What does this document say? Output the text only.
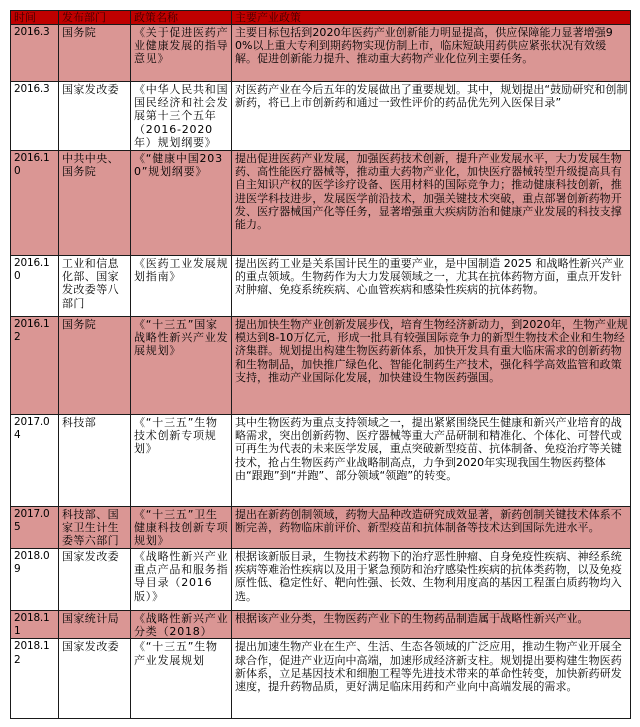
时间	发布部门	政策名称	主要产业政策
2016.3	国务院	《关于促进医药产业健康发展的指导意见》	主要目标包括到2020年医药产业创新能力明显提高，供应保障能力显著增强90%以上重大专利到期药物实现仿制上市，临床短缺用药供应紧张状况有效缓解。促进创新能力提升、推动重大药物产业化位列主要任务。
2016.3	国家发改委	《中华人民共和国国民经济和社会发展第十三个五年（2016-2020年）规划纲要》	对医药产业在今后五年的发展做出了重要规划。其中，规划提出“鼓励研究和创制新药，将已上市创新药和通过一致性评价的药品优先列入医保目录”
2016.10	中共中央、国务院	《“健康中国2030”规划纲要》	提出促进医药产业发展，加强医药技术创新，提升产业发展水平，大力发展生物药、高性能医疗器械等，推动重大药物产业化，加快医疗器械转型升级提高具有自主知识产权的医学诊疗设备、医用材料的国际竞争力；推动健康科技创新，推进医学科技进步，发展医学前沿技术，加强关键技术突破，重点部署创新药物开发、医疗器械国产化等任务，显著增强重大疾病防治和健康产业发展的科技支撑能力。
2016.10	工业和信息化部、国家发改委等八部门	《医药工业发展规划指南》	提出医药工业是关系国计民生的重要产业，是中国制造 2025 和战略性新兴产业的重点领域。生物药作为大力发展领域之一，尤其在抗体药物方面，重点开发针对肿瘤、免疫系统疾病、心血管疾病和感染性疾病的抗体药物。
2016.12	国务院	《“十三五”国家战略性新兴产业发展规划》	提出加快生物产业创新发展步伐，培育生物经济新动力，到2020年，生物产业规模达到8-10万亿元，形成一批具有较强国际竞争力的新型生物技术企业和生物经济集群。规划提出构建生物医药新体系，加快开发具有重大临床需求的创新药物和生物制品，加快推广绿色化、智能化制药生产技术，强化科学高效监管和政策支持，推动产业国际化发展，加快建设生物医药强国。
2017.04	科技部	《“十三五”生物技术创新专项规划》	其中生物医药为重点支持领域之一，提出紧紧围绕民生健康和新兴产业培育的战略需求，突出创新药物、医疗器械等重大产品研制和精准化、个体化、可替代或可再生为代表的未来医学发展，重点突破新型疫苗、抗体制备、免疫治疗等关键技术，抢占生物医药产业战略制高点，力争到2020年实现我国生物医药整体由“跟跑”到“并跑”、部分领域“领跑”的转变。
2017.05	科技部、国家卫生计生委等六部门	《“十三五”卫生健康科技创新专项规划》	提出在新药创制领域，药物大品种改造研究成效显著，新药创制关键技术体系不断完善，药物临床前评价、新型疫苗和抗体制备等技术达到国际先进水平。
2018.09	国家发改委	《战略性新兴产业重点产品和服务指导目录（2016版）》	根据该新版目录，生物技术药物下的治疗恶性肿瘤、自身免疫性疾病、神经系统疾病等难治性疾病以及用于紧急预防和治疗感染性疾病的抗体类药物，以及免疫原性低、稳定性好、靶向性强、长效、生物利用度高的基因工程蛋白质药物均入选。
2018.11	国家统计局	《战略性新兴产业分类（2018）	根据该产业分类，生物医药产业下的生物药品制造属于战略性新兴产业。
2018.12	国家发改委	《“十三五”生物产业发展规划	提出加速生物产业在生产、生活、生态各领域的广泛应用，推动生物产业开展全球合作，促进产业迈向中高端，加速形成经济新支柱。规划提出要构建生物医药新体系，立足基因技术和细胞工程等先进技术带来的革命性转变，加快新药研发速度，提升药物品质，更好满足临床用药和产业向中高端发展的需求。
